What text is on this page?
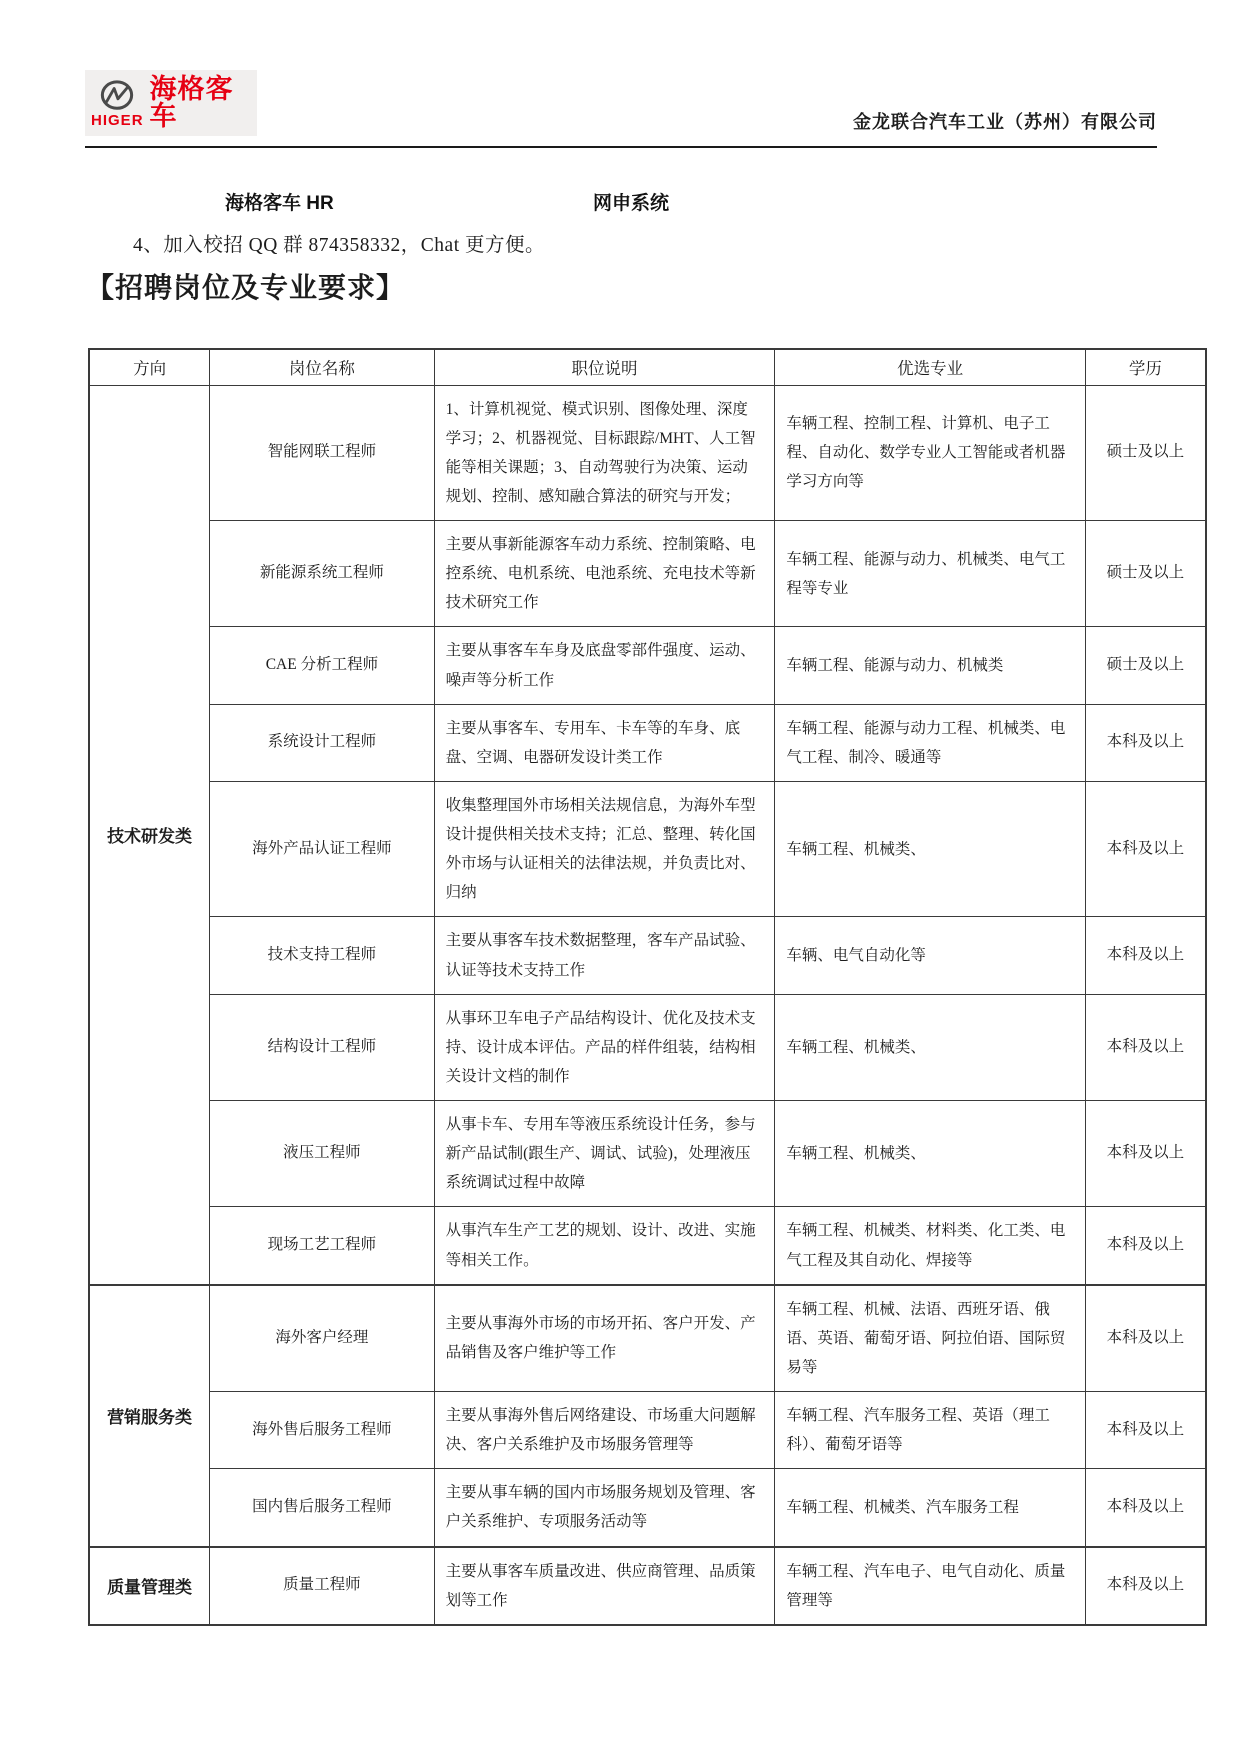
HIGER
海格客车	金龙联合汽车工业（苏州）有限公司
海格客车 HR	网申系统
4、加入校招 QQ 群 874358332，Chat 更方便。
【招聘岗位及专业要求】
方向	岗位名称	职位说明	优选专业	学历
技术研发类	智能网联工程师	1、计算机视觉、模式识别、图像处理、深度学习；2、机器视觉、目标跟踪/MHT、人工智能等相关课题；3、自动驾驶行为决策、运动规划、控制、感知融合算法的研究与开发；	车辆工程、控制工程、计算机、电子工程、自动化、数学专业人工智能或者机器学习方向等	硕士及以上
	新能源系统工程师	主要从事新能源客车动力系统、控制策略、电控系统、电机系统、电池系统、充电技术等新技术研究工作	车辆工程、能源与动力、机械类、电气工程等专业	硕士及以上
	CAE 分析工程师	主要从事客车车身及底盘零部件强度、运动、噪声等分析工作	车辆工程、能源与动力、机械类	硕士及以上
	系统设计工程师	主要从事客车、专用车、卡车等的车身、底盘、空调、电器研发设计类工作	车辆工程、能源与动力工程、机械类、电气工程、制冷、暖通等	本科及以上
	海外产品认证工程师	收集整理国外市场相关法规信息，为海外车型设计提供相关技术支持；汇总、整理、转化国外市场与认证相关的法律法规，并负责比对、归纳	车辆工程、机械类、	本科及以上
	技术支持工程师	主要从事客车技术数据整理，客车产品试验、认证等技术支持工作	车辆、电气自动化等	本科及以上
	结构设计工程师	从事环卫车电子产品结构设计、优化及技术支持、设计成本评估。产品的样件组装，结构相关设计文档的制作	车辆工程、机械类、	本科及以上
	液压工程师	从事卡车、专用车等液压系统设计任务，参与新产品试制(跟生产、调试、试验)，处理液压系统调试过程中故障	车辆工程、机械类、	本科及以上
	现场工艺工程师	从事汽车生产工艺的规划、设计、改进、实施等相关工作。	车辆工程、机械类、材料类、化工类、电气工程及其自动化、焊接等	本科及以上
营销服务类	海外客户经理	主要从事海外市场的市场开拓、客户开发、产品销售及客户维护等工作	车辆工程、机械、法语、西班牙语、俄语、英语、葡萄牙语、阿拉伯语、国际贸易等	本科及以上
	海外售后服务工程师	主要从事海外售后网络建设、市场重大问题解决、客户关系维护及市场服务管理等	车辆工程、汽车服务工程、英语（理工科）、葡萄牙语等	本科及以上
	国内售后服务工程师	主要从事车辆的国内市场服务规划及管理、客户关系维护、专项服务活动等	车辆工程、机械类、汽车服务工程	本科及以上
质量管理类	质量工程师	主要从事客车质量改进、供应商管理、品质策划等工作	车辆工程、汽车电子、电气自动化、质量管理等	本科及以上
